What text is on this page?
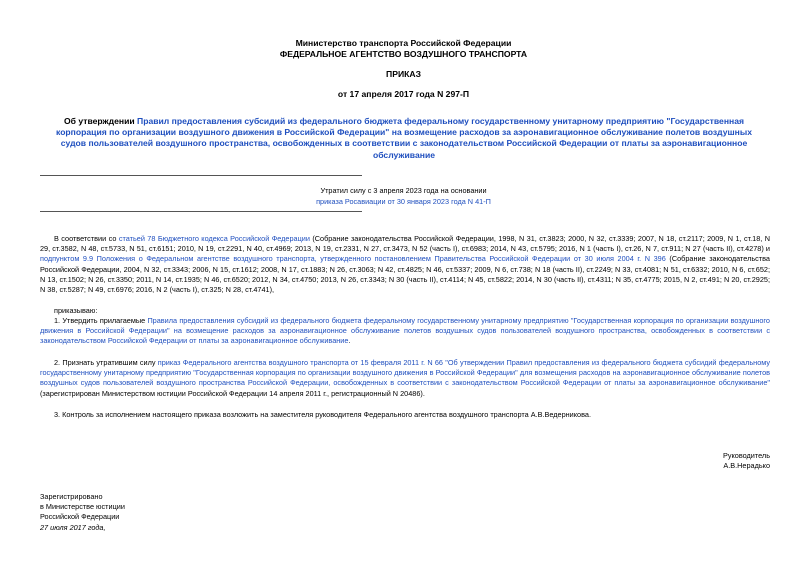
Министерство транспорта Российской Федерации
ФЕДЕРАЛЬНОЕ АГЕНТСТВО ВОЗДУШНОГО ТРАНСПОРТА
ПРИКАЗ
от 17 апреля 2017 года N 297-П
Об утверждении Правил предоставления субсидий из федерального бюджета федеральному государственному унитарному предприятию "Государственная корпорация по организации воздушного движения в Российской Федерации" на возмещение расходов за аэронавигационное обслуживание полетов воздушных судов пользователей воздушного пространства, освобожденных в соответствии с законодательством Российской Федерации от платы за аэронавигационное обслуживание
Утратил силу с 3 апреля 2023 года на основании
приказа Росавиации от 30 января 2023 года N 41-П
В соответствии со статьей 78 Бюджетного кодекса Российской Федерации (Собрание законодательства Российской Федерации, 1998, N 31, ст.3823; 2000, N 32, ст.3339; 2007, N 18, ст.2117; 2009, N 1, ст.18, N 29, ст.3582, N 48, ст.5733, N 51, ст.6151; 2010, N 19, ст.2291, N 40, ст.4969; 2013, N 19, ст.2331, N 27, ст.3473, N 52 (часть I), ст.6983; 2014, N 43, ст.5795; 2016, N 1 (часть I), ст.26, N 7, ст.911; N 27 (часть II), ст.4278) и подпунктом 9.9 Положения о Федеральном агентстве воздушного транспорта, утвержденного постановлением Правительства Российской Федерации от 30 июля 2004 г. N 396 (Собрание законодательства Российской Федерации, 2004, N 32, ст.3343; 2006, N 15, ст.1612; 2008, N 17, ст.1883; N 26, ст.3063; N 42, ст.4825; N 46, ст.5337; 2009, N 6, ст.738; N 18 (часть II), ст.2249; N 33, ст.4081; N 51, ст.6332; 2010, N 6, ст.652; N 13, ст.1502; N 26, ст.3350; 2011, N 14, ст.1935; N 46, ст.6520; 2012, N 34, ст.4750; 2013, N 26, ст.3343; N 30 (часть II), ст.4114; N 45, ст.5822; 2014, N 30 (часть II), ст.4311; N 35, ст.4775; 2015, N 2, ст.491; N 20, ст.2925; N 38, ст.5287; N 49, ст.6976; 2016, N 2 (часть I), ст.325; N 28, ст.4741),
приказываю:
1. Утвердить прилагаемые Правила предоставления субсидий из федерального бюджета федеральному государственному унитарному предприятию "Государственная корпорация по организации воздушного движения в Российской Федерации" на возмещение расходов за аэронавигационное обслуживание полетов воздушных судов пользователей воздушного пространства, освобожденных в соответствии с законодательством Российской Федерации от платы за аэронавигационное обслуживание.
2. Признать утратившим силу приказ Федерального агентства воздушного транспорта от 15 февраля 2011 г. N 66 "Об утверждении Правил предоставления из федерального бюджета субсидий федеральному государственному унитарному предприятию "Государственная корпорация по организации воздушного движения в Российской Федерации" для возмещения расходов на аэронавигационное обслуживание полетов воздушных судов пользователей воздушного пространства Российской Федерации, освобожденных в соответствии с законодательством Российской Федерации от платы за аэронавигационное обслуживание" (зарегистрирован Министерством юстиции Российской Федерации 14 апреля 2011 г., регистрационный N 20486).
3. Контроль за исполнением настоящего приказа возложить на заместителя руководителя Федерального агентства воздушного транспорта А.В.Ведерникова.
Руководитель
А.В.Нерадько
Зарегистрировано
в Министерстве юстиции
Российской Федерации
27 июля 2017 года,
